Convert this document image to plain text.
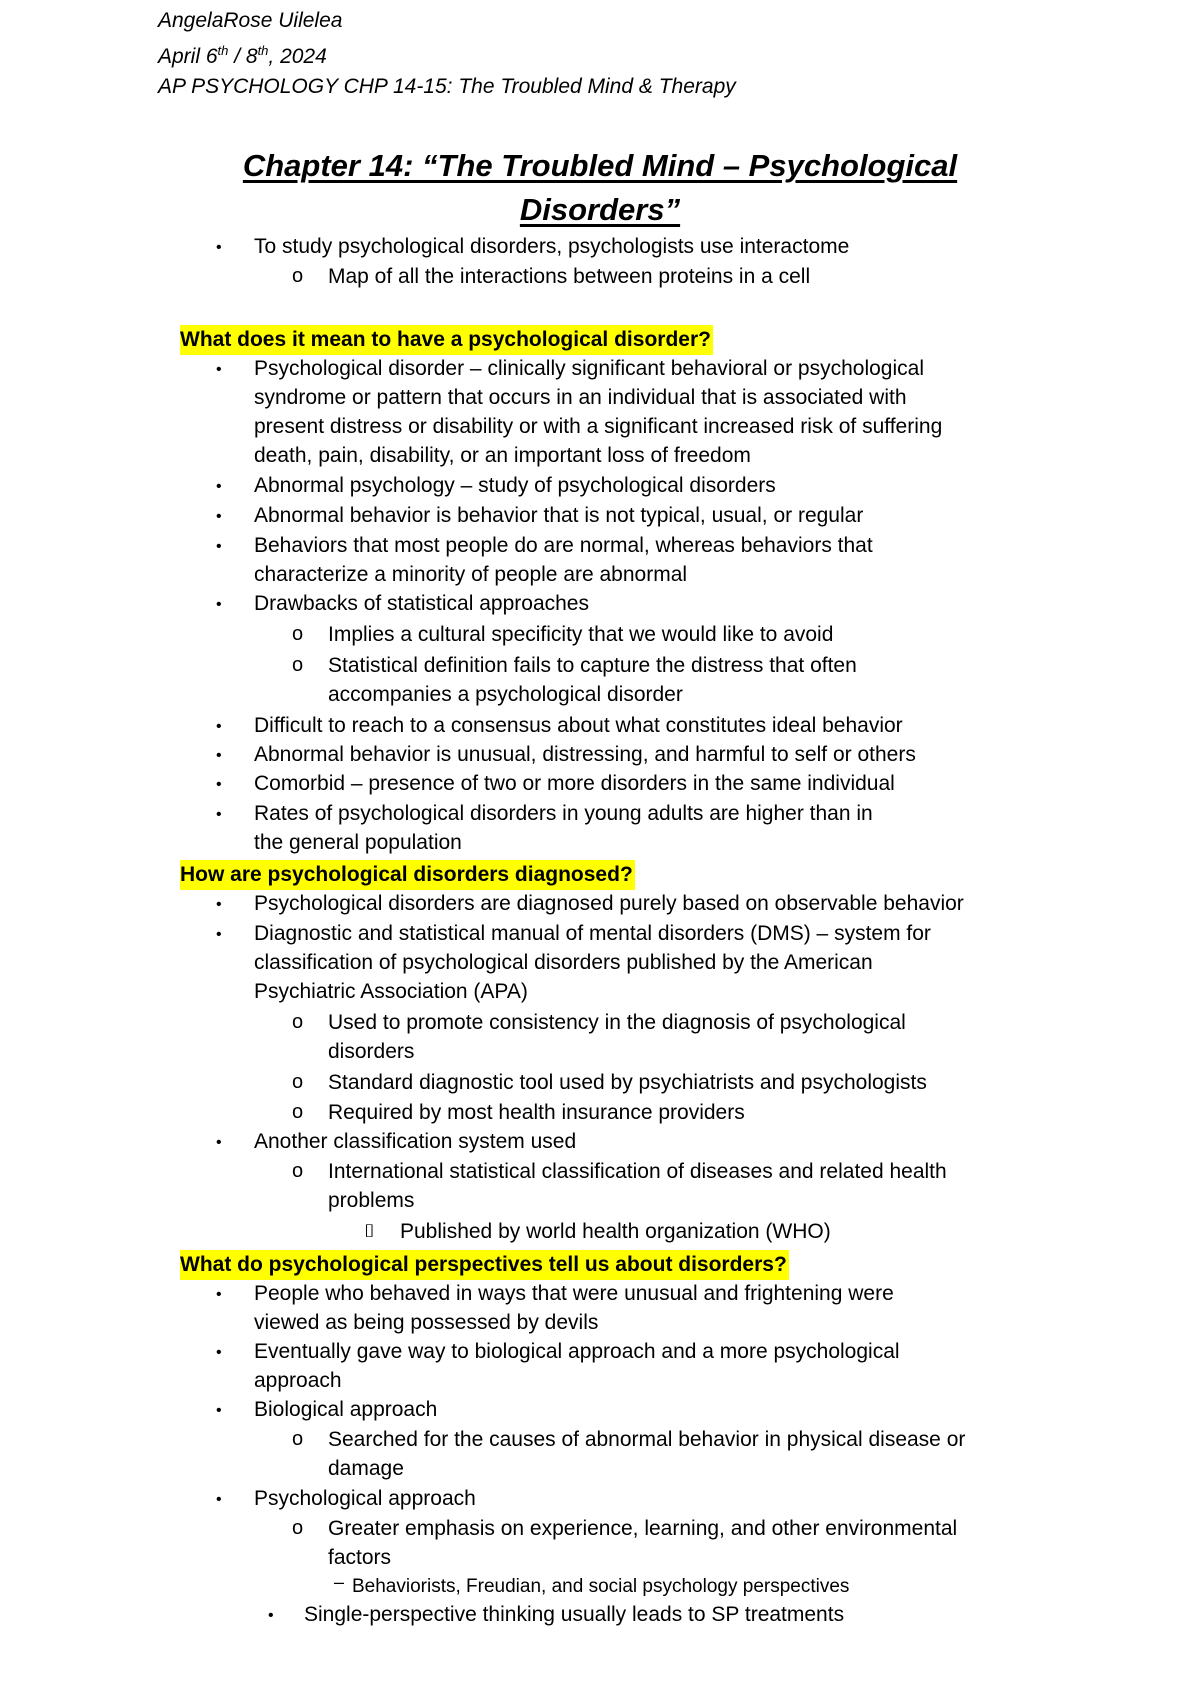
AngelaRose Uilelea
April 6th / 8th, 2024
AP PSYCHOLOGY CHP 14-15: The Troubled Mind & Therapy
Chapter 14: “The Troubled Mind – Psychological
Disorders”
• To study psychological disorders, psychologists use interactome
o Map of all the interactions between proteins in a cell
What does it mean to have a psychological disorder?
• Psychological disorder – clinically significant behavioral or psychological
syndrome or pattern that occurs in an individual that is associated with
present distress or disability or with a significant increased risk of suffering
death, pain, disability, or an important loss of freedom
• Abnormal psychology – study of psychological disorders
• Abnormal behavior is behavior that is not typical, usual, or regular
• Behaviors that most people do are normal, whereas behaviors that
characterize a minority of people are abnormal
• Drawbacks of statistical approaches
o Implies a cultural specificity that we would like to avoid
o Statistical definition fails to capture the distress that often
accompanies a psychological disorder
• Difficult to reach to a consensus about what constitutes ideal behavior
• Abnormal behavior is unusual, distressing, and harmful to self or others
• Comorbid – presence of two or more disorders in the same individual
• Rates of psychological disorders in young adults are higher than in
the general population
How are psychological disorders diagnosed?
• Psychological disorders are diagnosed purely based on observable behavior
• Diagnostic and statistical manual of mental disorders (DMS) – system for
classification of psychological disorders published by the American
Psychiatric Association (APA)
o Used to promote consistency in the diagnosis of psychological
disorders
o Standard diagnostic tool used by psychiatrists and psychologists
o Required by most health insurance providers
• Another classification system used
o International statistical classification of diseases and related health
problems
⌷ Published by world health organization (WHO)
What do psychological perspectives tell us about disorders?
• People who behaved in ways that were unusual and frightening were
viewed as being possessed by devils
• Eventually gave way to biological approach and a more psychological
approach
• Biological approach
o Searched for the causes of abnormal behavior in physical disease or
damage
• Psychological approach
o Greater emphasis on experience, learning, and other environmental
factors
‒ Behaviorists, Freudian, and social psychology perspectives
• Single-perspective thinking usually leads to SP treatments
